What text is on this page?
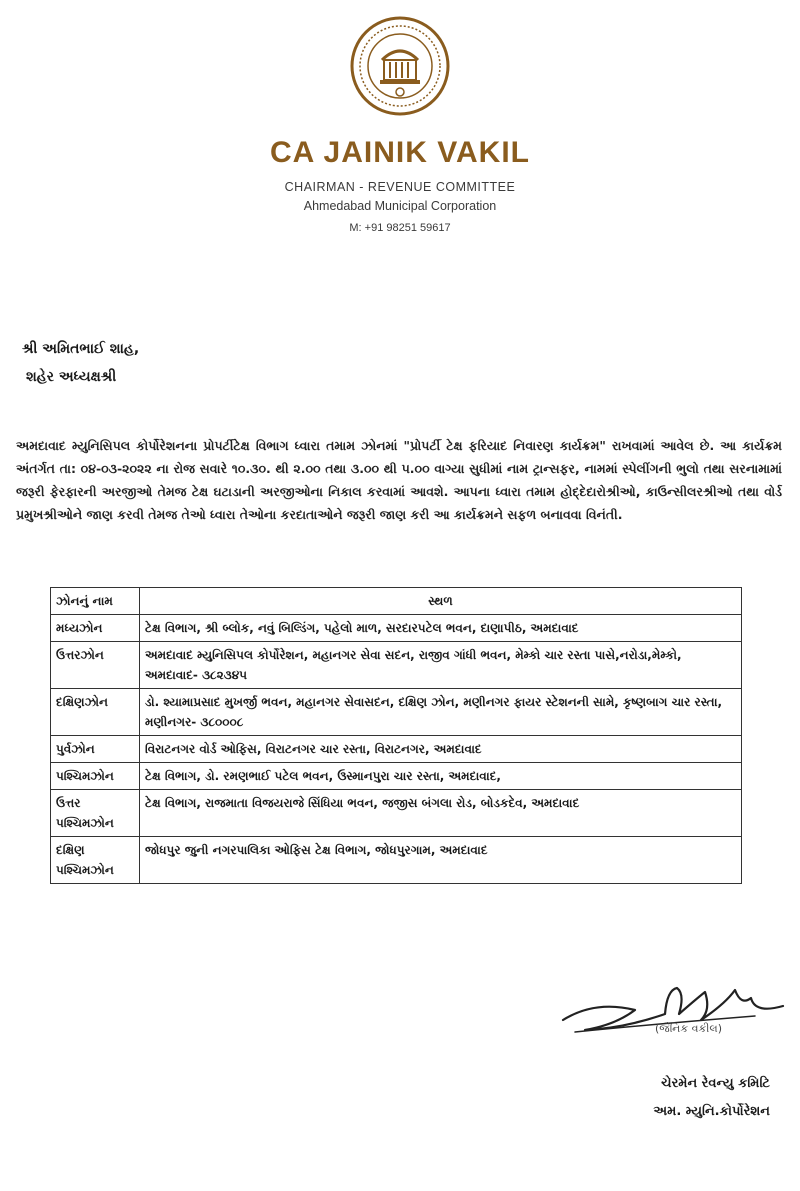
CA JAINIK VAKIL
CHAIRMAN - REVENUE COMMITTEE
Ahmedabad Municipal Corporation
M: +91 98251 59617
શ્રી અમિતભાઈ શાહ,
શહેર અધ્યક્ષશ્રી
અમદાવાદ મ્યુનિસિપલ કોર્પોરેશનના પ્રોપર્ટીટેક્ષ વિભાગ ધ્વારા તમામ ઝોનમાં "પ્રોપર્ટી ટેક્ષ ફરિયાદ નિવારણ કાર્યક્રમ" રાખવામાં આવેલ છે. આ કાર્યક્રમ અંતર્ગત તા: ૦૪-૦૩-૨૦૨૨ ના રોજ સવારે ૧૦.૩૦. થી ૨.૦૦ તથા ૩.૦૦ થી ૫.૦૦ વાગ્યા સુધીમાં નામ ટ્રાન્સફર, નામમાં સ્પેલીંગની ભુલો તથા સરનામામાં જરૂરી ફેરફારની અરજીઓ તેમજ ટેક્ષ ઘટાડાની અરજીઓના નિકાલ કરવામાં આવશે. આપના ધ્વારા તમામ હોદ્દેદારોશ્રીઓ, કાઉન્સીલરશ્રીઓ તથા વોર્ડ પ્રમુખશ્રીઓને જાણ કરવી તેમજ તેઓ ધ્વારા તેઓના કરદાતાઓને જરૂરી જાણ કરી આ કાર્યક્રમને સફળ બનાવવા વિનંતી.
ઝોનનું નામ	સ્થળ
મધ્યઝોન	ટેક્ષ વિભાગ, શ્રી બ્લોક, નવું બિલ્ડિંગ, પહેલો માળ, સરદારપટેલ ભવન, દાણાપીઠ, અમદાવાદ
ઉત્તરઝોન	અમદાવાદ મ્યુનિસિપલ કોર્પોરેશન, મહાનગર સેવા સદન, રાજીવ ગાંધી ભવન, મેમ્કો ચાર રસ્તા પાસે,નરોડા,મેમ્કો, અમદાવાદ- ૩૮૨૩૪૫
દક્ષિણઝોન	ડો. શ્યામાપ્રસાદ મુખર્જી ભવન, મહાનગર સેવાસદન, દક્ષિણ ઝોન, મણીનગર ફાયર સ્ટેશનની સામે, કૃષ્ણબાગ ચાર રસ્તા, મણીનગર- ૩૮૦૦૦૮
પુર્વઝોન	વિરાટનગર વોર્ડ ઓફિસ, વિરાટનગર ચાર રસ્તા, વિરાટનગર, અમદાવાદ
પશ્ચિમઝોન	ટેક્ષ વિભાગ, ડો. રમણભાઈ પટેલ ભવન, ઉસ્માનપુરા ચાર રસ્તા, અમદાવાદ,
ઉત્તર પશ્ચિમઝોન	ટેક્ષ વિભાગ, રાજમાતા વિજયરાજે સિંધિયા ભવન, જજીસ બંગલા રોડ, બોડકદેવ, અમદાવાદ
દક્ષિણ પશ્ચિમઝોન	જોધપુર જુની નગરપાલિકા ઓફિસ ટેક્ષ વિભાગ, જોધપુરગામ, અમદાવાદ
(જૈનિક વકીલ)
ચેરમેન રેવન્યુ કમિટિ
અમ. મ્યુનિ.કોર્પોરેશન
